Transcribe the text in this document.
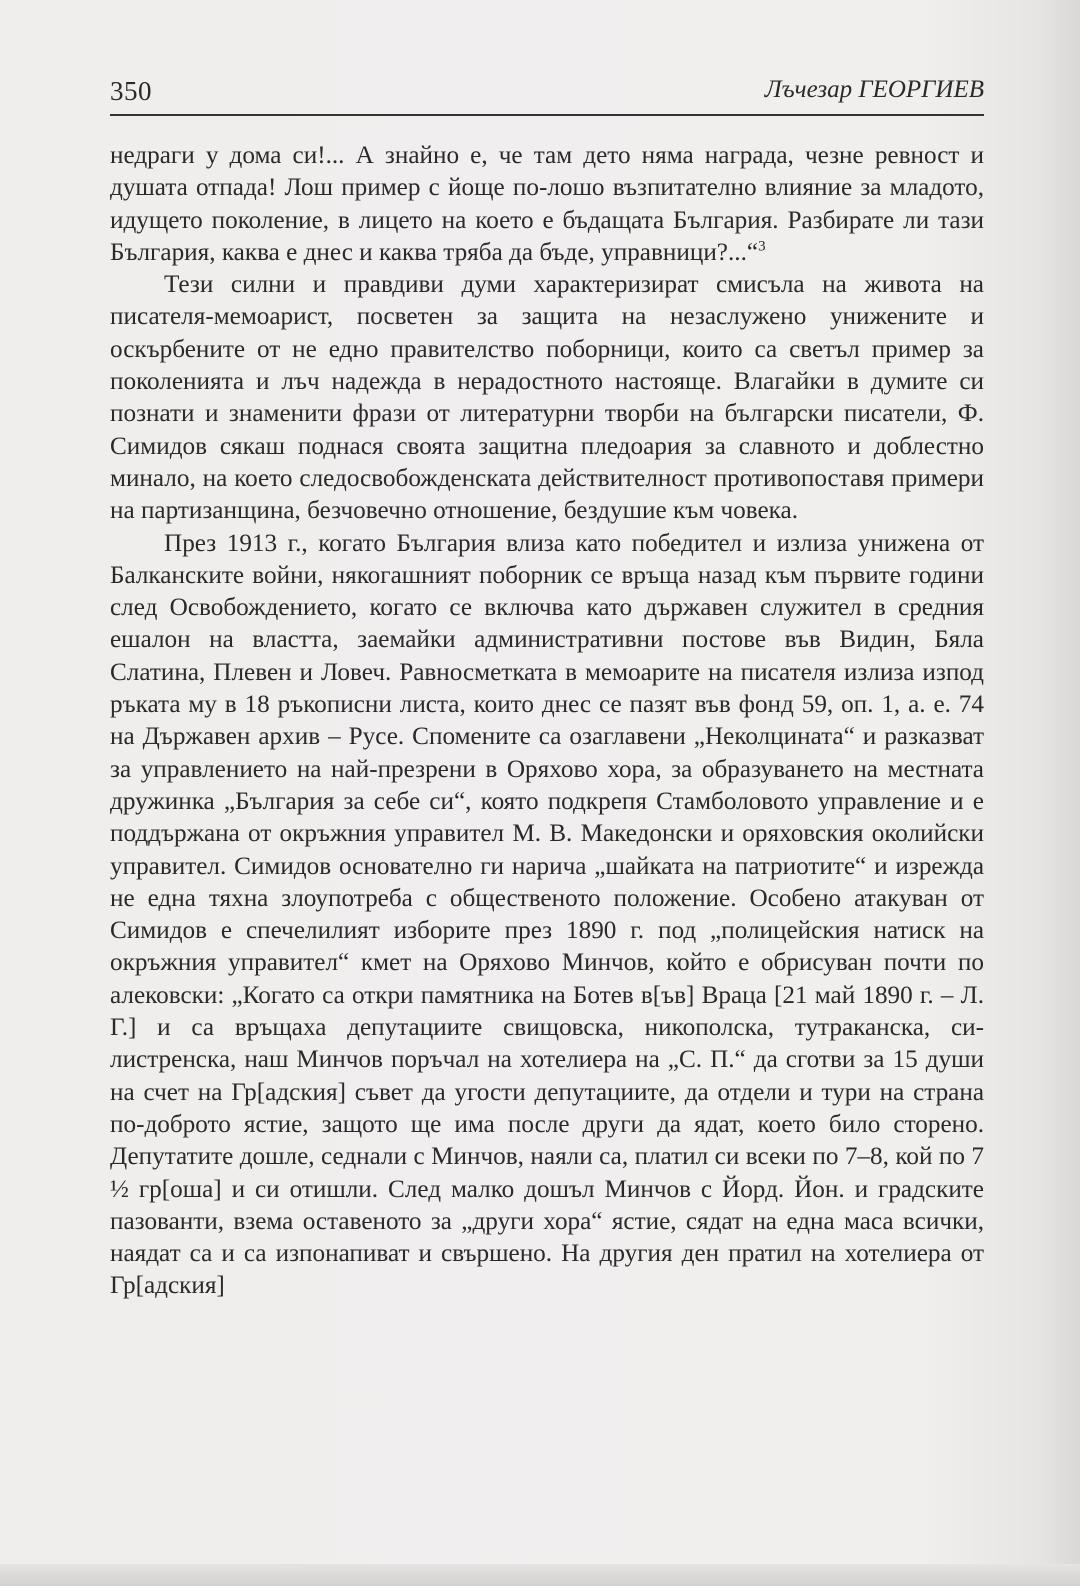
350	Лъчезар ГЕОРГИЕВ

недраги у дома си!... А знайно е, че там дето няма награда, чезне ревност и душата отпада! Лош пример с йоще по-лошо възпитателно влияние за младото, идущето поколение, в лицето на което е бъдащата България. Разбирате ли тази България, каква е днес и каква тряба да бъде, управници?...“$^3$

Тези силни и правдиви думи характеризират смисъла на живота на писателя-мемоарист, посветен за защита на незаслужено унижените и оскърбените от не едно правителство поборници, които са светъл пример за поколенията и лъч надежда в нерадостното настояще. Влагайки в думите си познати и знаменити фрази от литературни творби на български писатели, Ф. Симидов сякаш поднася своята защитна пледоария за славното и доблестно минало, на което следосвобожденската действителност противопоставя примери на партизанщина, безчовечно отношение, бездушие към човека.

През 1913 г., когато България влиза като победител и излиза унижена от Балканските войни, някогашният поборник се връща назад към първите години след Освобождението, когато се включва като държавен служител в средния ешалон на властта, заемайки административни постове във Видин, Бяла Слатина, Плевен и Ловеч. Равносметката в мемоарите на писателя излиза изпод ръката му в 18 ръкописни листа, които днес се пазят във фонд 59, оп. 1, а. е. 74 на Държавен архив – Русе. Спомените са озаглавени „Неколцината“ и разказват за управлението на най-презрени в Оряхово хора, за образуването на местната дружинка „България за себе си“, която подкрепя Стамболовото управление и е поддържана от окръжния управител М. В. Македонски и оряховския околийски управител. Симидов основателно ги нарича „шайката на патриотите“ и изрежда не една тяхна злоупотреба с общественото положение. Особено атакуван от Симидов е спечелилият изборите през 1890 г. под „полицейския натиск на окръжния управител“ кмет на Оряхово Минчов, който е обрисуван почти по алековски: „Когато са откри памятника на Ботев в[ъв] Враца [21 май 1890 г. – Л. Г.] и са връщаха депутациите свищовска, никополска, тутраканска, силистренска, наш Минчов поръчал на хотелиера на „С. П.“ да сготви за 15 души на счет на Гр[адския] съвет да угости депутациите, да отдели и тури на страна по-доброто ястие, защото ще има после други да ядат, което било сторено. Депутатите дошле, седнали с Минчов, наяли са, платил си всеки по 7–8, кой по 7 ½ гр[оша] и си отишли. След малко дошъл Минчов с Йорд. Йон. и градските пазованти, взема оставеното за „други хора“ ястие, сядат на една маса всички, наядат са и са изпонапиват и свършено. На другия ден пратил на хотелиера от Гр[адския]
